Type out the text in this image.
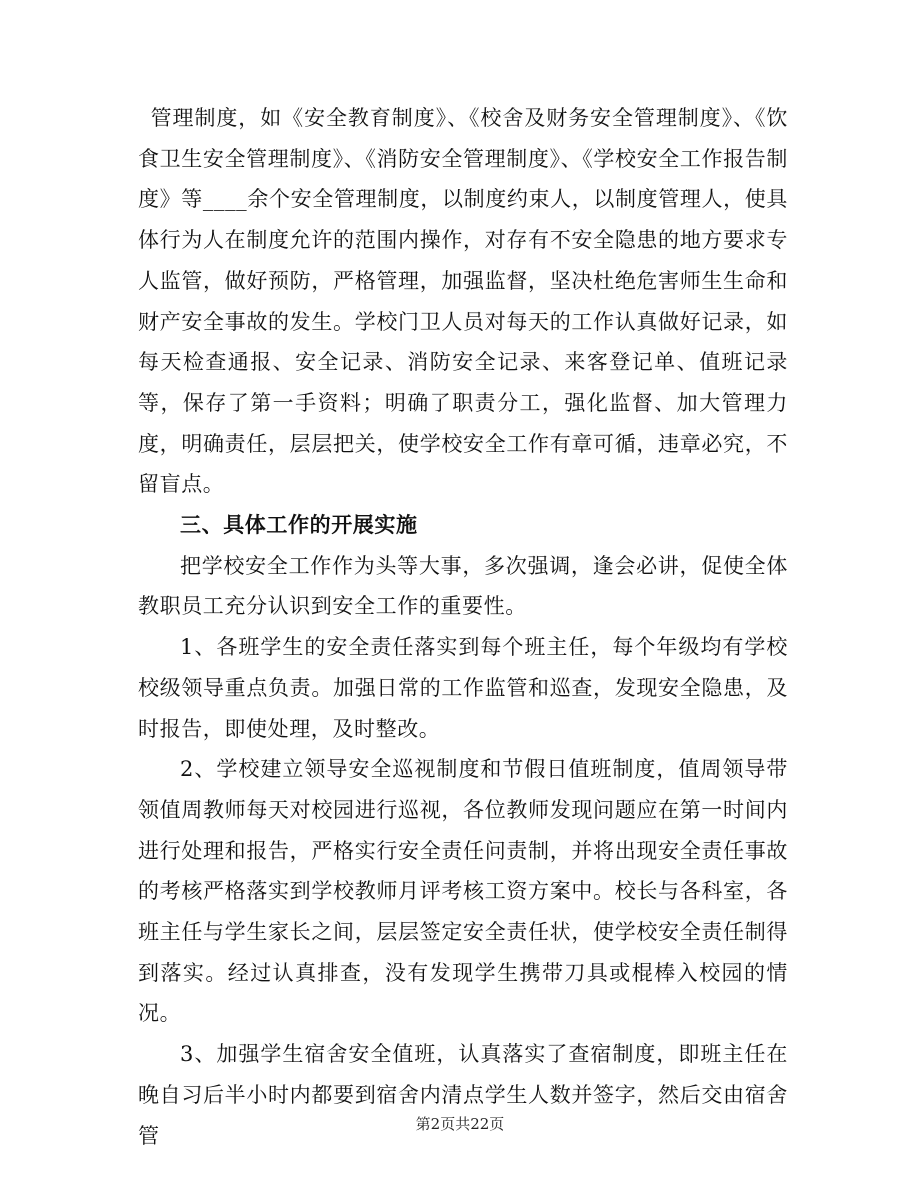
管理制度，如《安全教育制度》、《校舍及财务安全管理制度》、《饮食卫生安全管理制度》、《消防安全管理制度》、《学校安全工作报告制度》等____余个安全管理制度，以制度约束人，以制度管理人，使具体行为人在制度允许的范围内操作，对存有不安全隐患的地方要求专人监管，做好预防，严格管理，加强监督，坚决杜绝危害师生生命和财产安全事故的发生。学校门卫人员对每天的工作认真做好记录，如每天检查通报、安全记录、消防安全记录、来客登记单、值班记录等，保存了第一手资料；明确了职责分工，强化监督、加大管理力度，明确责任，层层把关，使学校安全工作有章可循，违章必究，不留盲点。

三、具体工作的开展实施

把学校安全工作作为头等大事，多次强调，逢会必讲，促使全体教职员工充分认识到安全工作的重要性。

1、各班学生的安全责任落实到每个班主任，每个年级均有学校校级领导重点负责。加强日常的工作监管和巡查，发现安全隐患，及时报告，即使处理，及时整改。

2、学校建立领导安全巡视制度和节假日值班制度，值周领导带领值周教师每天对校园进行巡视，各位教师发现问题应在第一时间内进行处理和报告，严格实行安全责任问责制，并将出现安全责任事故的考核严格落实到学校教师月评考核工资方案中。校长与各科室，各班主任与学生家长之间，层层签定安全责任状，使学校安全责任制得到落实。经过认真排查，没有发现学生携带刀具或棍棒入校园的情况。

3、加强学生宿舍安全值班，认真落实了查宿制度，即班主任在晚自习后半小时内都要到宿舍内清点学生人数并签字，然后交由宿舍管	第2页共22页
